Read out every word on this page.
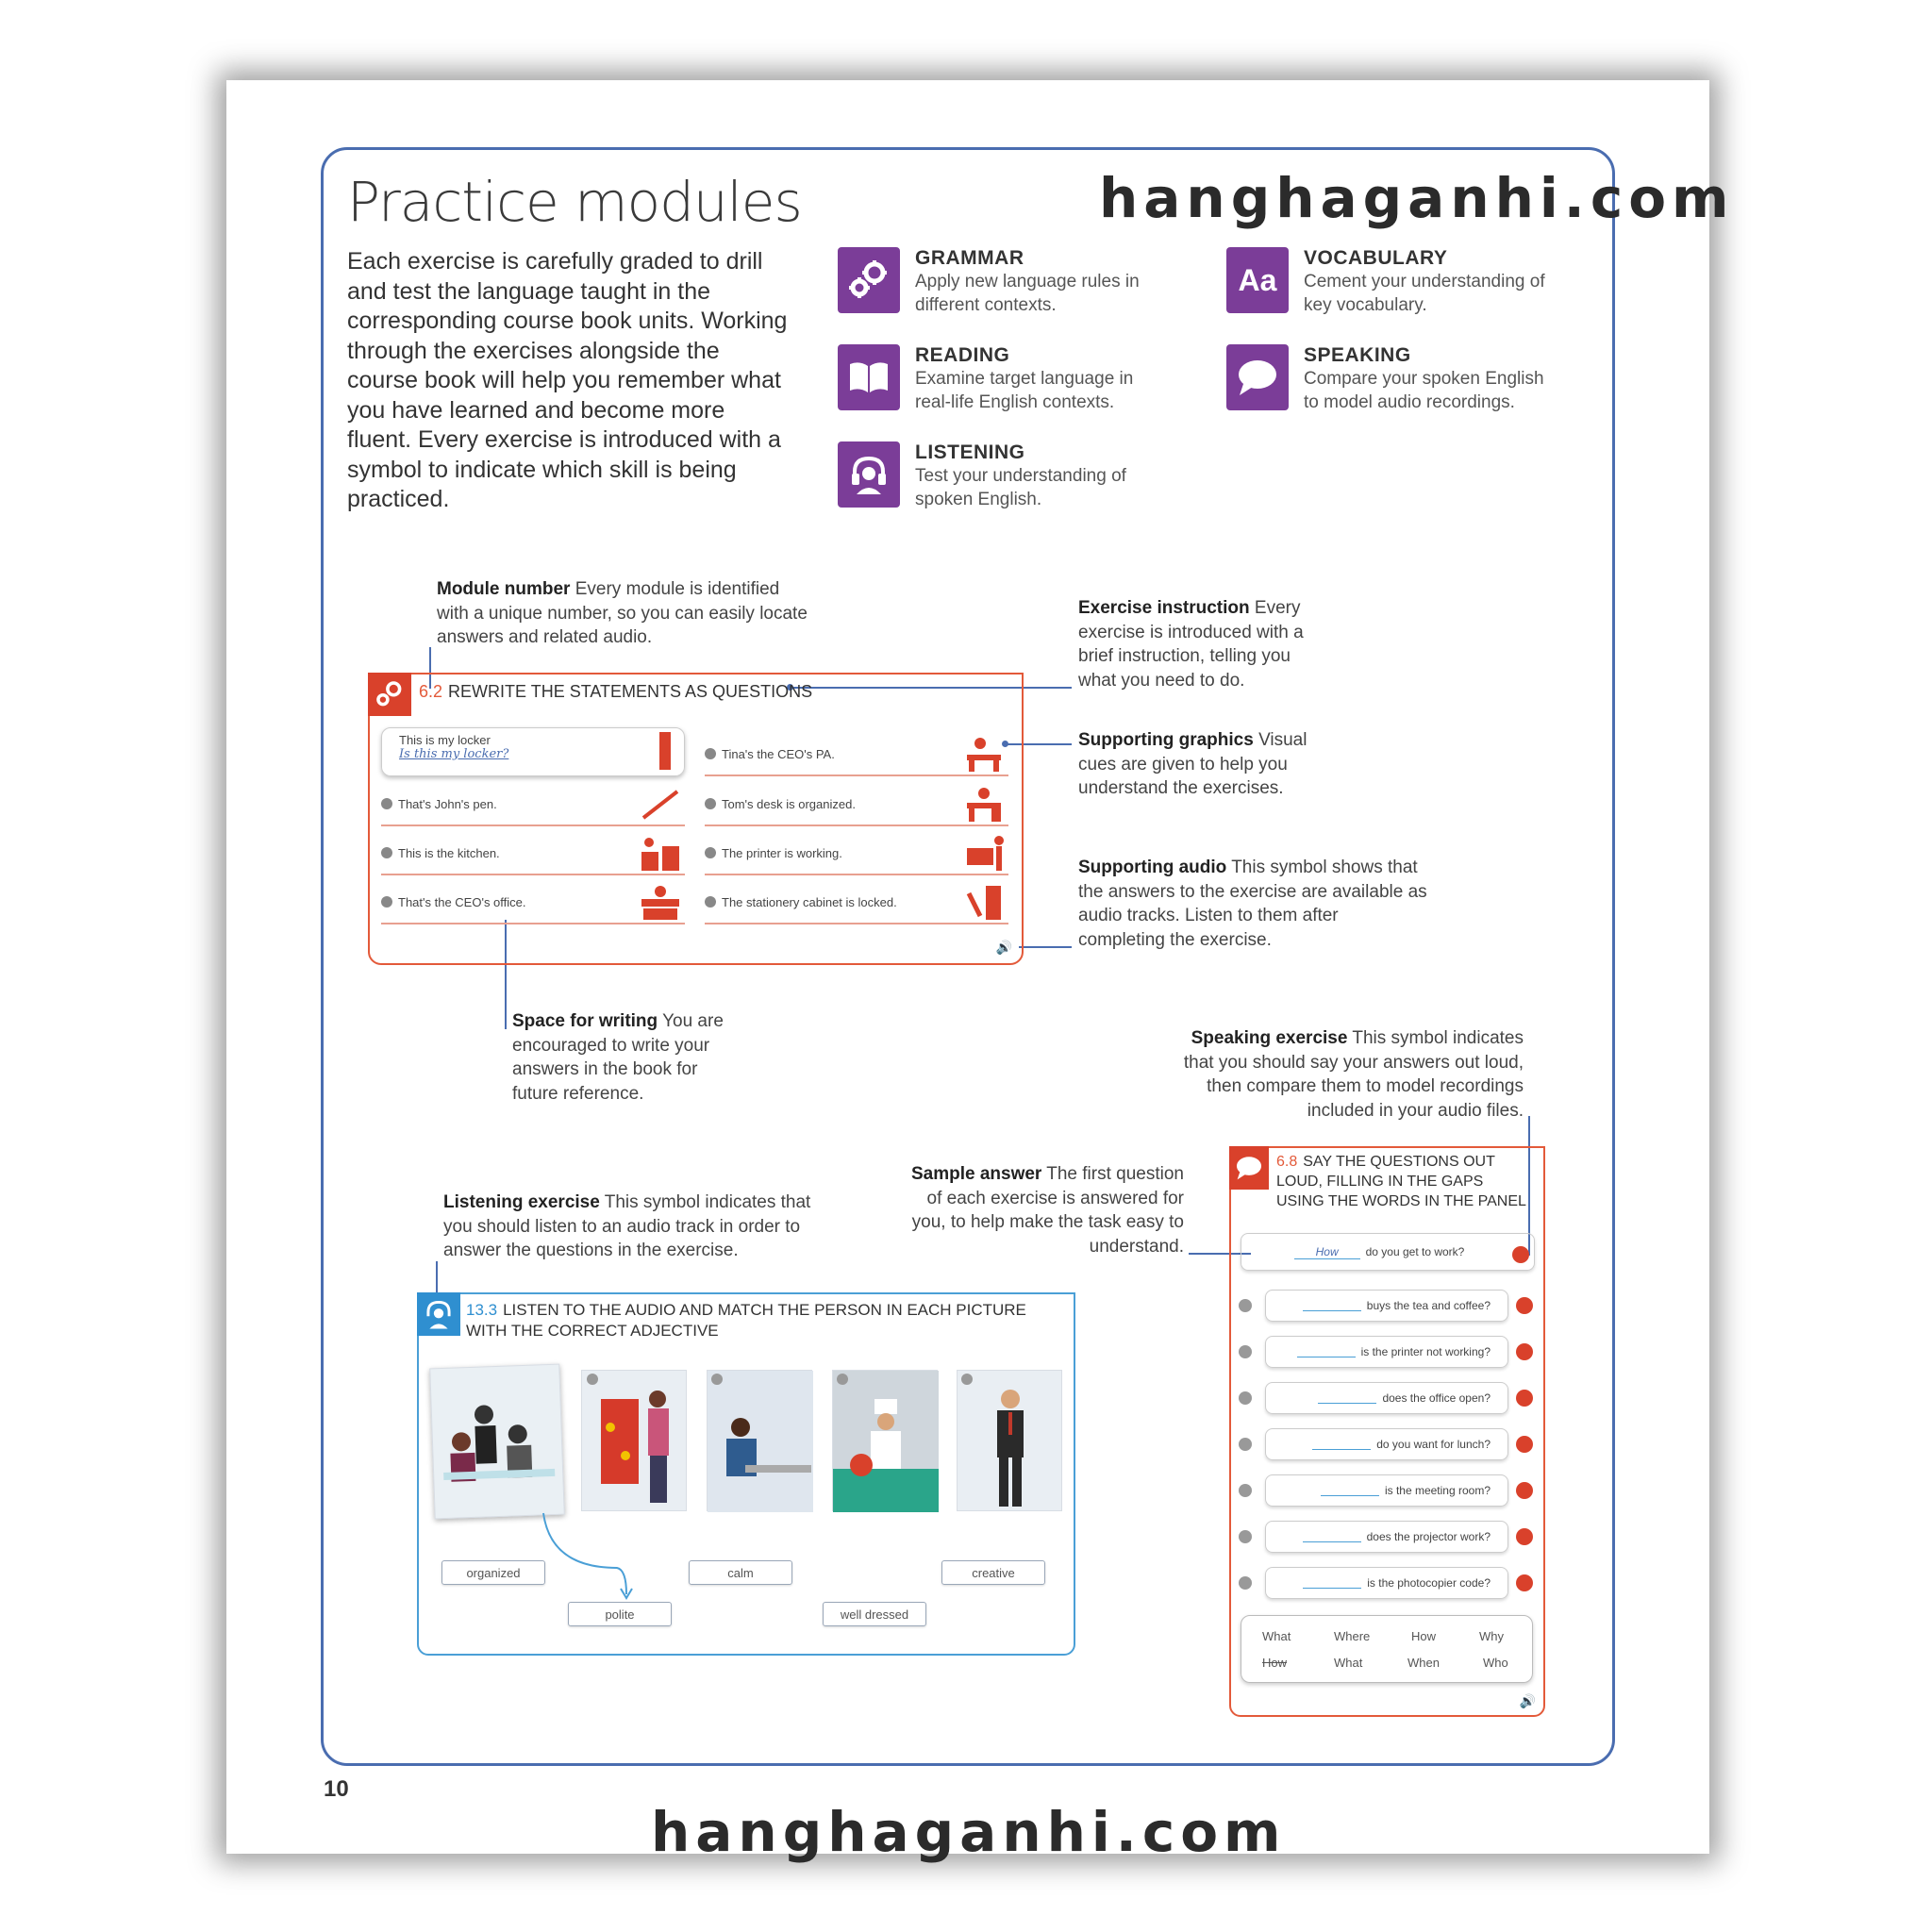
Practice modules	hanghaganhi.com
Each exercise is carefully graded to drill and test the language taught in the corresponding course book units. Working through the exercises alongside the course book will help you remember what you have learned and become more fluent. Every exercise is introduced with a symbol to indicate which skill is being practiced.
GRAMMAR
Apply new language rules in different contexts.
Aa
VOCABULARY
Cement your understanding of key vocabulary.
READING
Examine target language in real-life English contexts.
SPEAKING
Compare your spoken English to model audio recordings.
LISTENING
Test your understanding of spoken English.
Module number Every module is identified with a unique number, so you can easily locate answers and related audio.
Exercise instruction Every exercise is introduced with a brief instruction, telling you what you need to do.
Supporting graphics Visual cues are given to help you understand the exercises.
Supporting audio This symbol shows that the answers to the exercise are available as audio tracks. Listen to them after completing the exercise.
Space for writing You are encouraged to write your answers in the book for future reference.
Speaking exercise This symbol indicates that you should say your answers out loud, then compare them to model recordings included in your audio files.
Sample answer The first question of each exercise is answered for you, to help make the task easy to understand.
Listening exercise This symbol indicates that you should listen to an audio track in order to answer the questions in the exercise.
6.2 REWRITE THE STATEMENTS AS QUESTIONS
This is my locker
Is this my locker?
That's John's pen.
This is the kitchen.
That's the CEO's office.
Tina's the CEO's PA.
Tom's desk is organized.
The printer is working.
The stationery cabinet is locked.
🔊
13.3 LISTEN TO THE AUDIO AND MATCH THE PERSON IN EACH PICTURE
WITH THE CORRECT ADJECTIVE
organized	calm	creative
polite	well dressed
6.8 SAY THE QUESTIONS OUT
LOUD, FILLING IN THE GAPS
USING THE WORDS IN THE PANEL
How	do you get to work?
buys the tea and coffee?
is the printer not working?
does the office open?
do you want for lunch?
is the meeting room?
does the projector work?
is the photocopier code?
What	Where	How	Why
How	What	When	Who
🔊
10
hanghaganhi.com
